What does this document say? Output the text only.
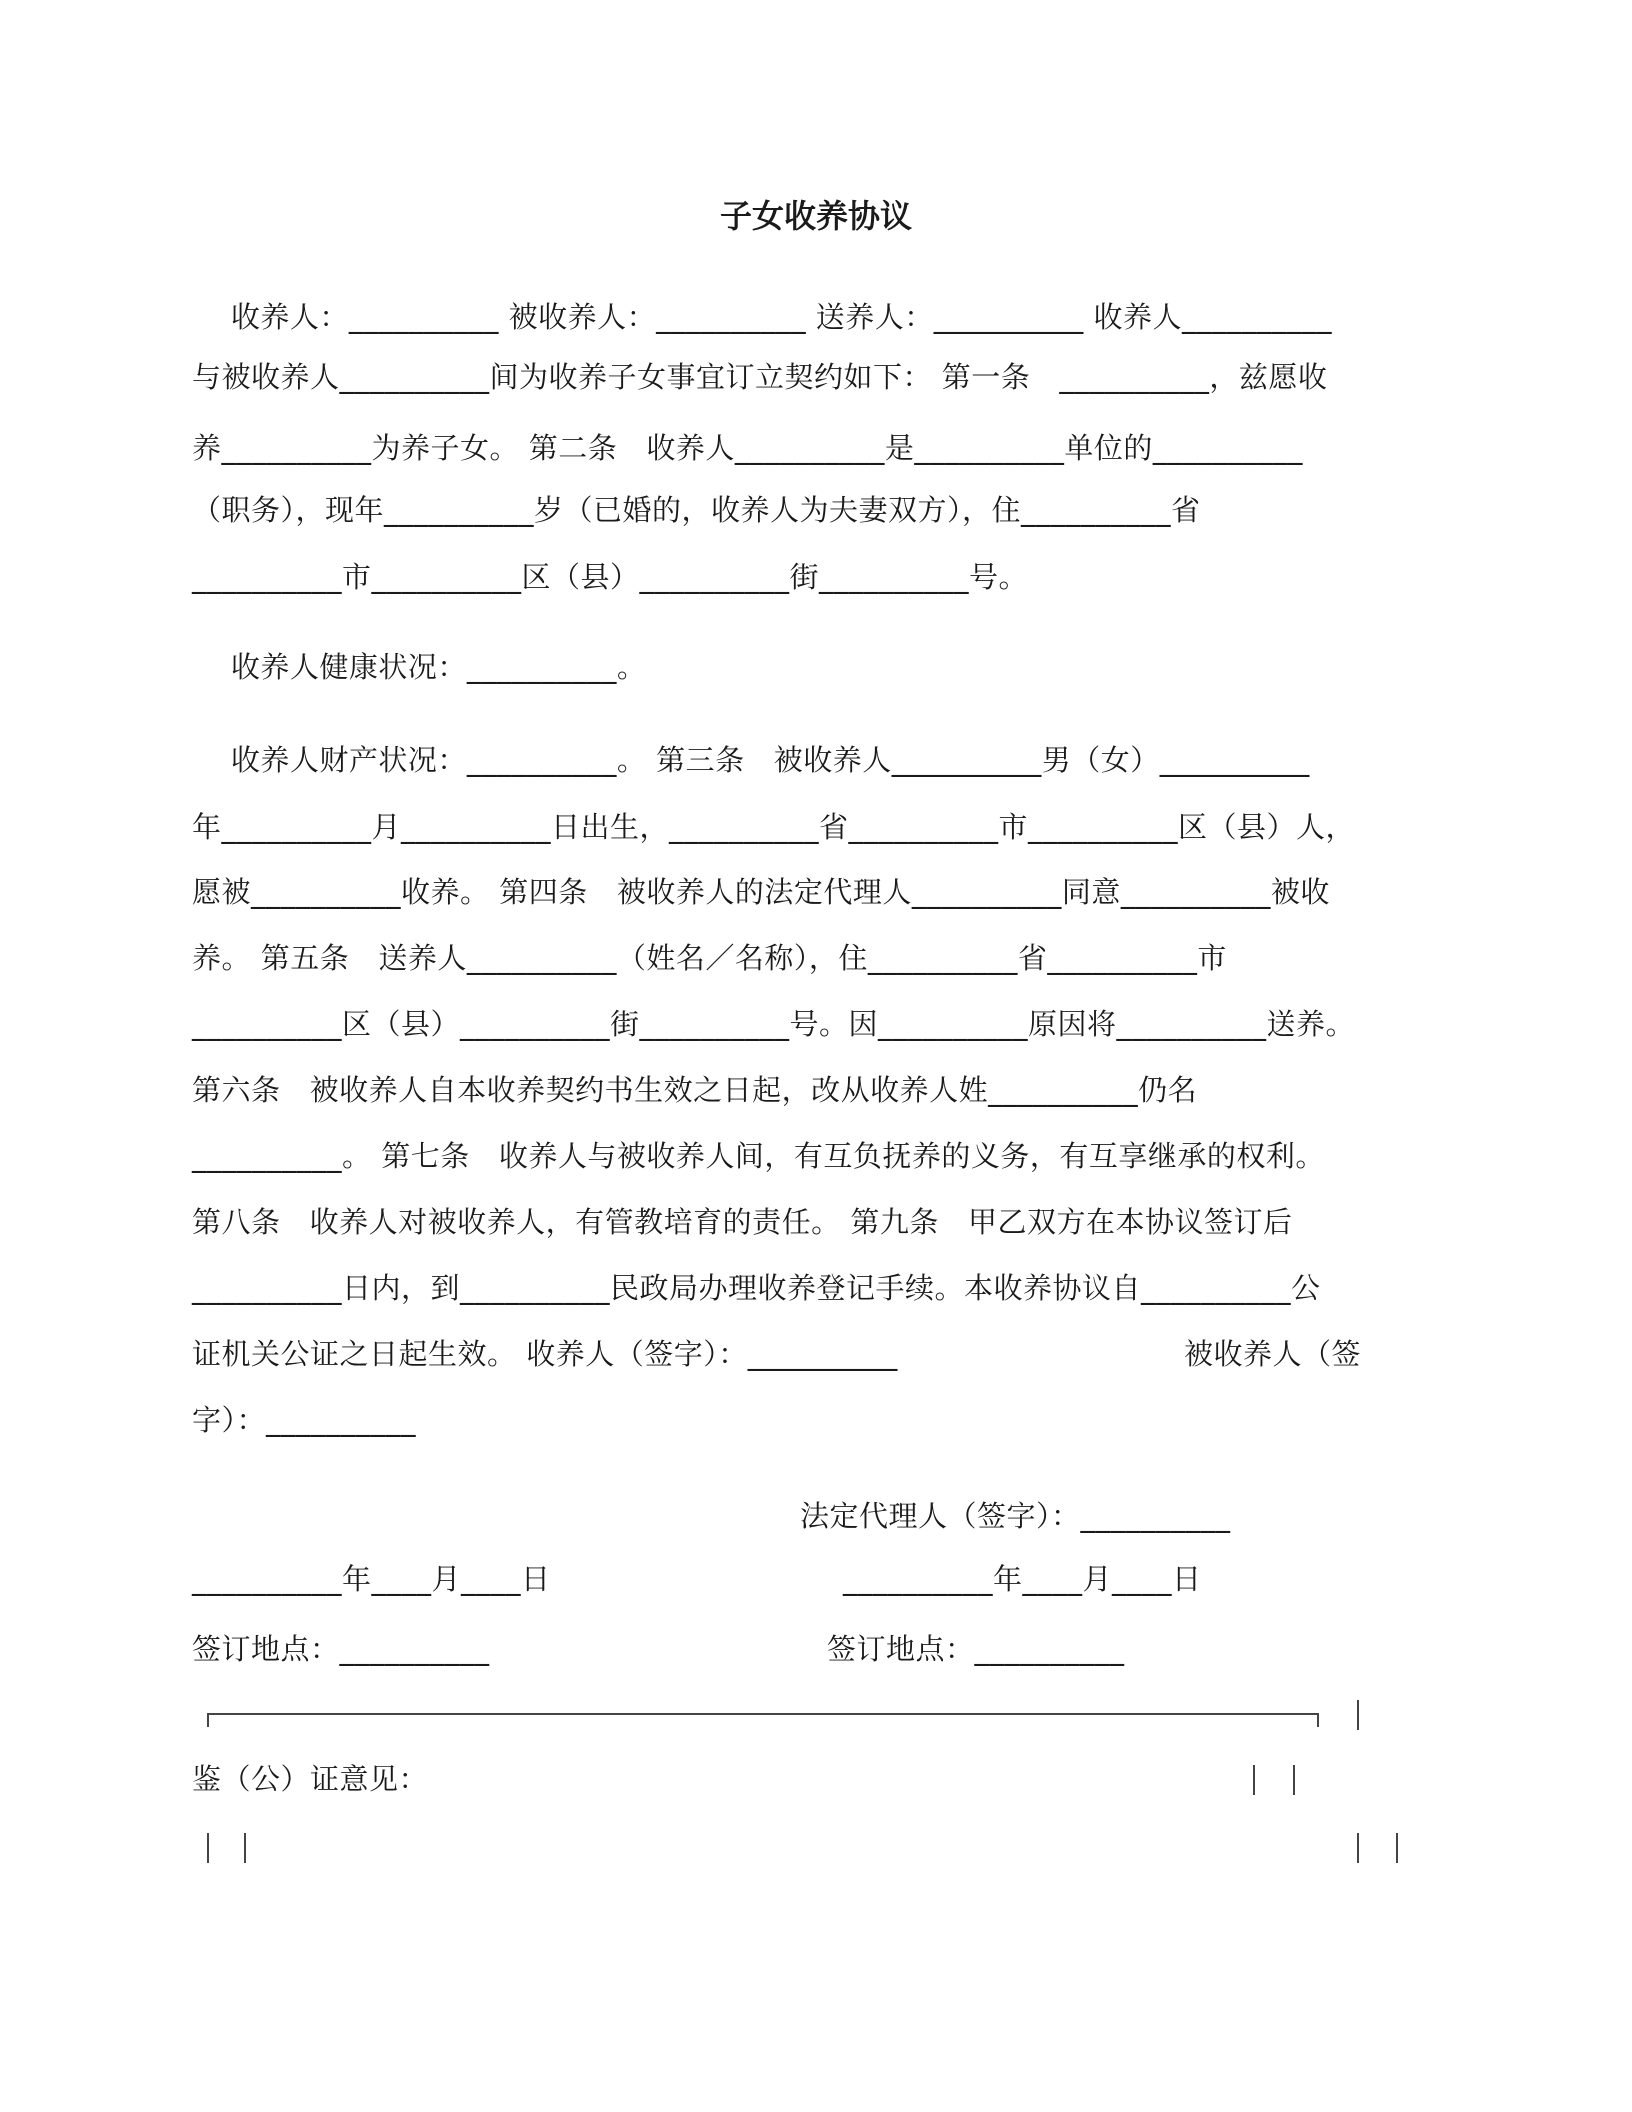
子女收养协议
收养人：__________ 被收养人：__________ 送养人：__________ 收养人__________
与被收养人__________间为收养子女事宜订立契约如下： 第一条   __________，兹愿收
养__________为养子女。 第二条   收养人__________是__________单位的__________
（职务），现年__________岁（已婚的，收养人为夫妻双方），住__________省
__________市__________区（县）__________街__________号。
收养人健康状况：__________。
收养人财产状况：__________。 第三条   被收养人__________男（女）__________
年__________月__________日出生，__________省__________市__________区（县）人，
愿被__________收养。 第四条   被收养人的法定代理人__________同意__________被收
养。 第五条   送养人__________（姓名／名称），住__________省__________市
__________区（县）__________街__________号。因__________原因将__________送养。
第六条   被收养人自本收养契约书生效之日起，改从收养人姓__________仍名
__________。 第七条   收养人与被收养人间，有互负抚养的义务，有互享继承的权利。
第八条   收养人对被收养人，有管教培育的责任。 第九条   甲乙双方在本协议签订后
__________日内，到__________民政局办理收养登记手续。本收养协议自__________公
证机关公证之日起生效。 收养人（签字）：__________	被收养人（签
字）：__________
法定代理人（签字）：__________
__________年____月____日	__________年____月____日
签订地点：__________	签订地点：__________
鉴（公）证意见：
